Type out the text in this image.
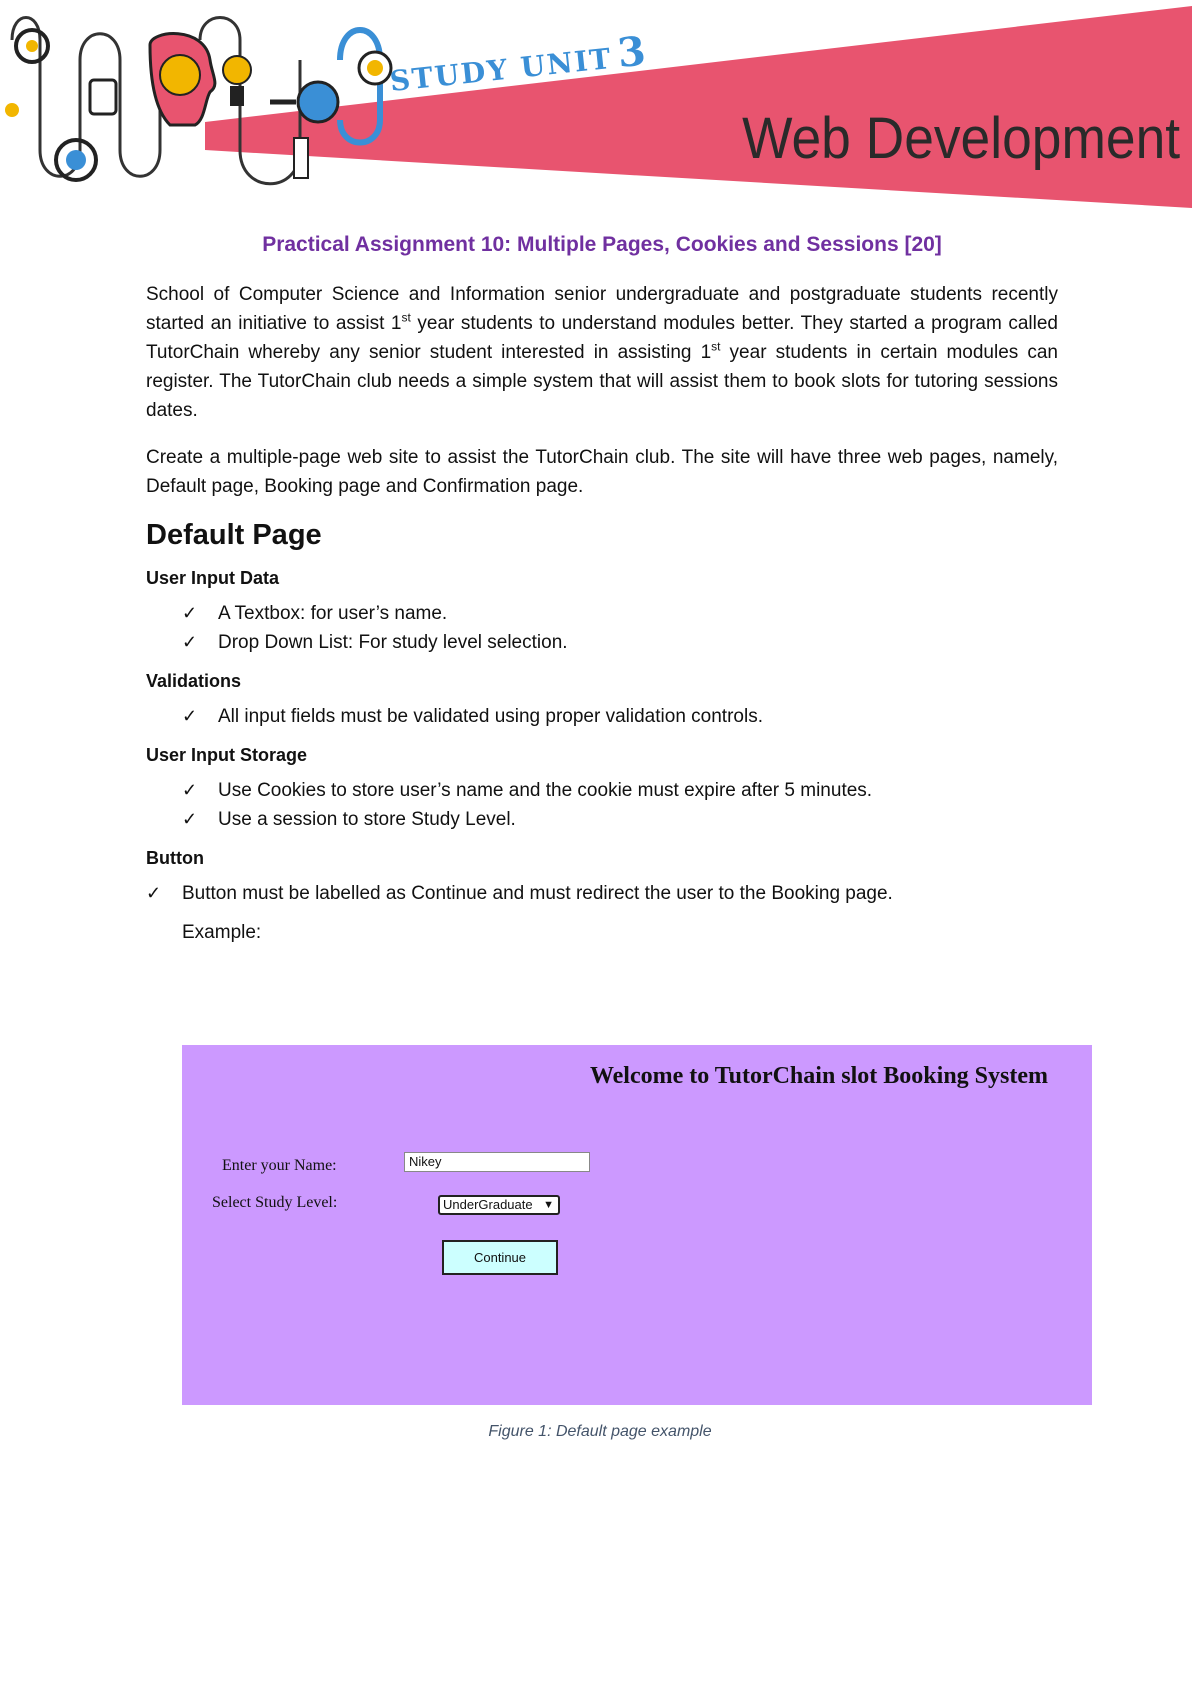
STUDY UNIT3
Web Development
Practical Assignment 10: Multiple Pages, Cookies and Sessions [20]

School of Computer Science and Information senior undergraduate and postgraduate students recently started an initiative to assist 1st year students to understand modules better. They started a program called TutorChain whereby any senior student interested in assisting 1st year students in certain modules can register. The TutorChain club needs a simple system that will assist them to book slots for tutoring sessions dates.

Create a multiple-page web site to assist the TutorChain club. The site will have three web pages, namely, Default page, Booking page and Confirmation page.

Default Page
User Input Data
✓ A Textbox: for user’s name.
✓ Drop Down List: For study level selection.
Validations
✓ All input fields must be validated using proper validation controls.
User Input Storage
✓ Use Cookies to store user’s name and the cookie must expire after 5 minutes.
✓ Use a session to store Study Level.
Button
✓ Button must be labelled as Continue and must redirect the user to the Booking page.
Example:
Welcome to TutorChain slot Booking System
Enter your Name:	Nikey
Select Study Level:	UnderGraduate ▼
Continue
Figure 1: Default page example
